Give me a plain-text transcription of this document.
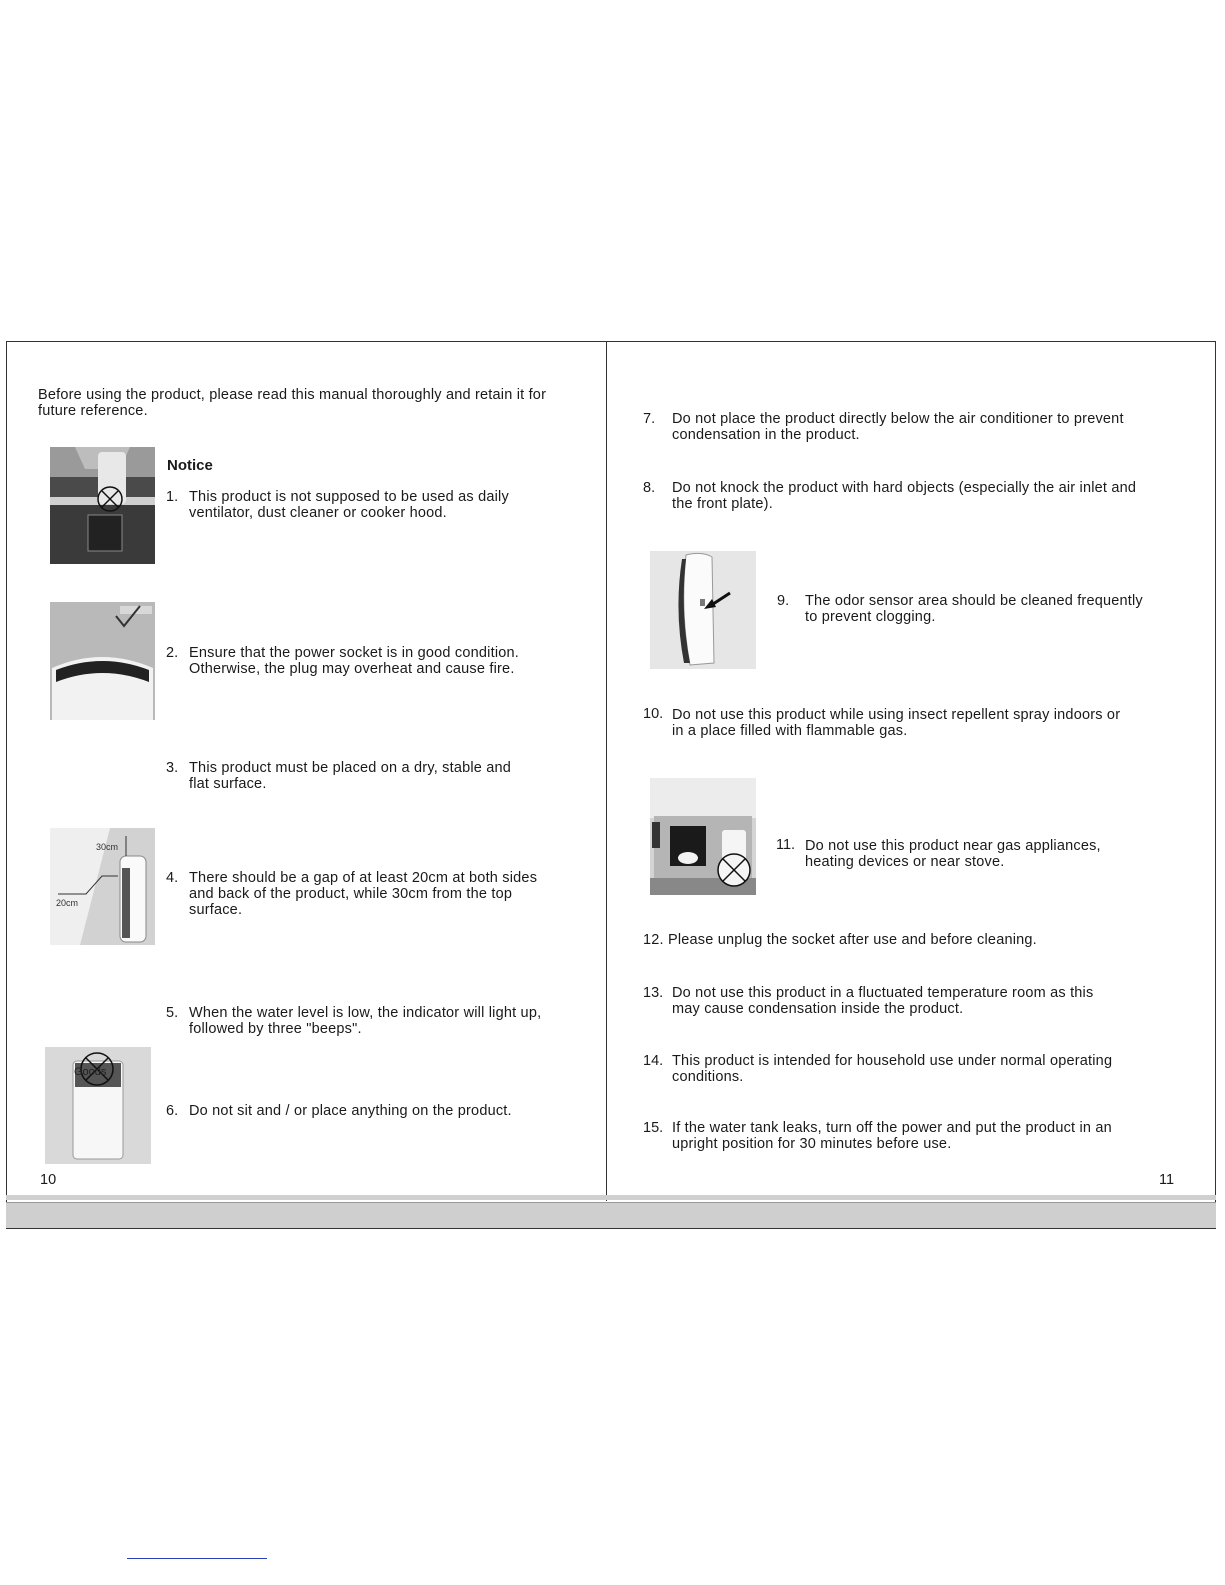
Before using the product, please read this manual thoroughly and retain it for
future reference.
Notice
1. This product is not supposed to be used as daily
ventilator, dust cleaner or cooker hood.
2. Ensure that the power socket is in good condition.
Otherwise, the plug may overheat and cause fire.
3. This product must be placed on a dry, stable and
flat surface.
30cm
20cm
4. There should be a gap of at least 20cm at both sides
and back of the product, while 30cm from the top
surface.
5. When the water level is low, the indicator will light up,
followed by three "beeps".
Goods
6. Do not sit and / or place anything on the product.
10
7. Do not place the product directly below the air conditioner to prevent
condensation in the product.
8. Do not knock the product with hard objects (especially the air inlet and
the front plate).
9. The odor sensor area should be cleaned frequently
to prevent clogging.
10. Do not use this product while using insect repellent spray indoors or
in a place filled with flammable gas.
11. Do not use this product near gas appliances,
heating devices or near stove.
12. Please unplug the socket after use and before cleaning.
13. Do not use this product in a fluctuated temperature room as this
may cause condensation inside the product.
14. This product is intended for household use under normal operating
conditions.
15. If the water tank leaks, turn off the power and put the product in an
upright position for 30 minutes before use.
11
